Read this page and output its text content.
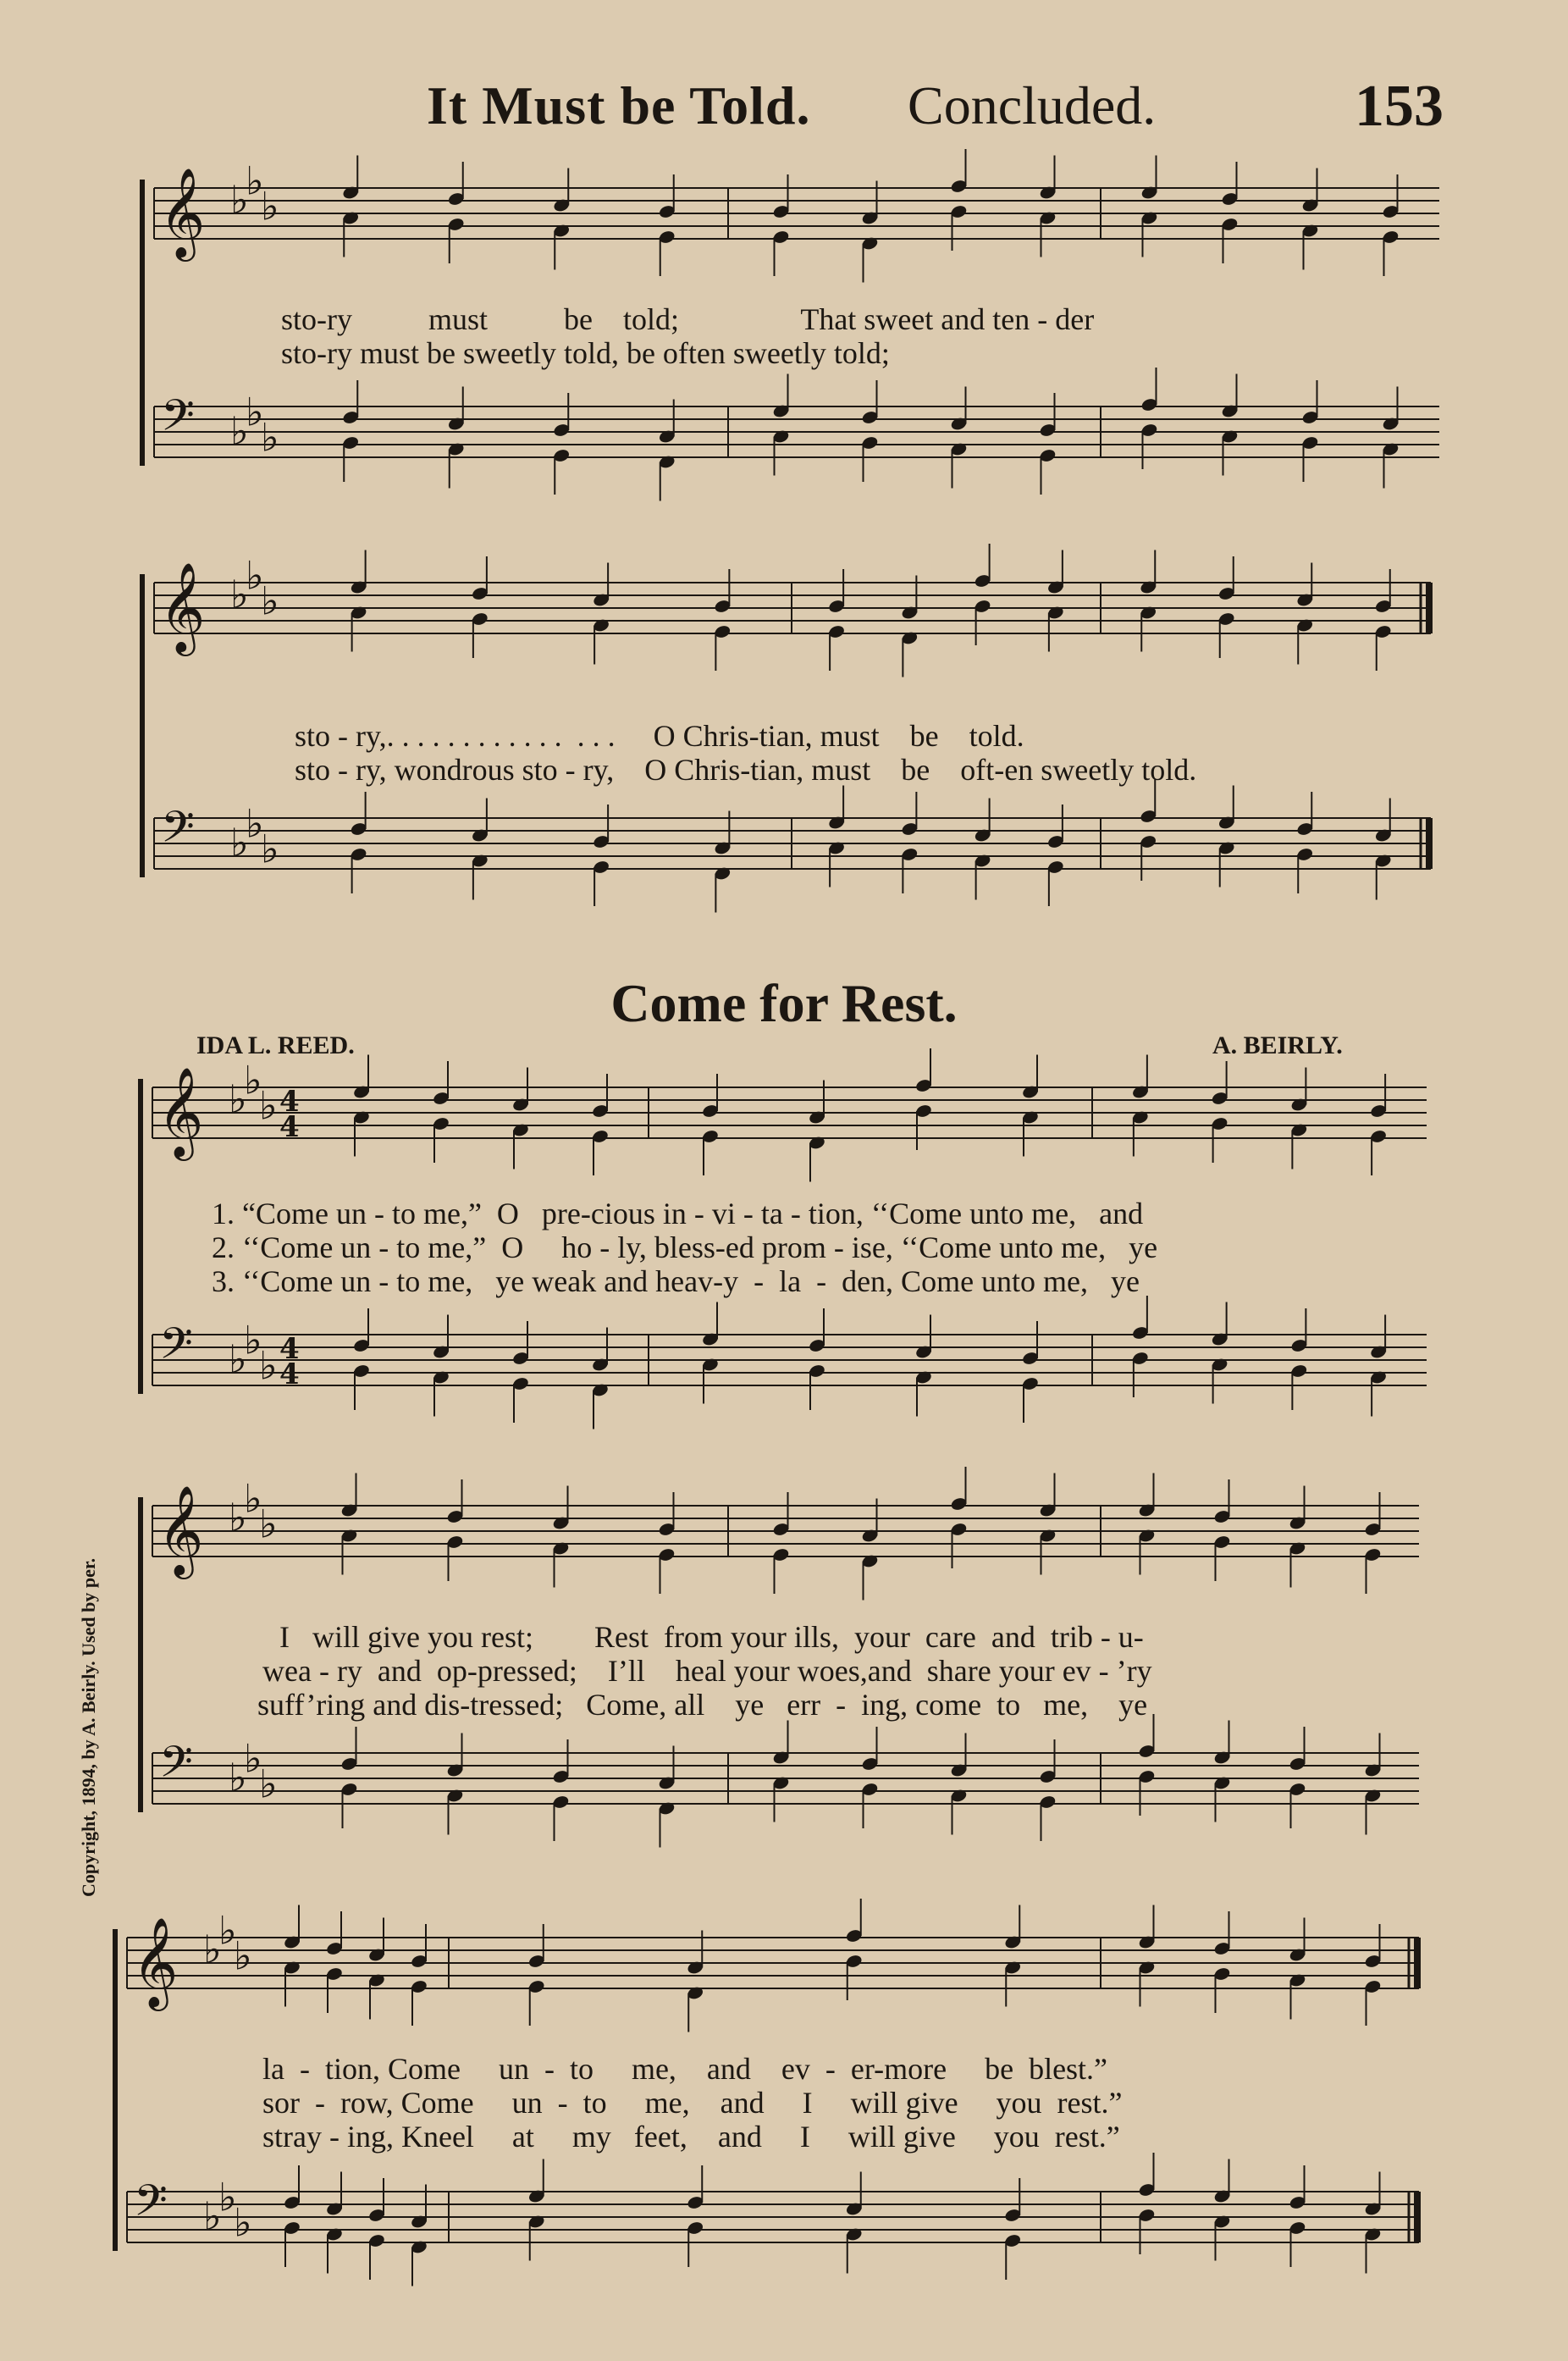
It Must be Told. Concluded.	153
𝄞
𝄢
♭
♭
♭
♭
♭
♭
𝄞
𝄢
♭
♭
♭
♭
♭
♭
𝄞
𝄢
♭
♭
♭
♭
♭
♭
4
4
4
4
𝄞
𝄢
♭
♭
♭
♭
♭
♭
𝄞
𝄢
♭
♭
♭
♭
♭
♭
sto-ry          must          be    told;                That sweet and ten - der
sto-ry must be sweetly told, be often sweetly told;
sto - ry,. . . . . . . . . . . .  . . .     O Chris-tian, must    be    told.
sto - ry, wondrous sto - ry,    O Chris-tian, must    be    oft-en sweetly told.
Come for Rest.
IDA L. REED.	A. BEIRLY.
1. “Come un - to me,”  O   pre-cious in - vi - ta - tion, ‘‘Come unto me,   and
2. ‘‘Come un - to me,”  O     ho - ly, bless-ed prom - ise, ‘‘Come unto me,   ye
3. ‘‘Come un - to me,   ye weak and heav-y  -  la  -  den, Come unto me,   ye
I   will give you rest;        Rest  from your ills,  your  care  and  trib - u-
wea - ry  and  op-pressed;    I’ll    heal your woes,and  share your ev - ’ry
suff’ring and dis-tressed;   Come, all    ye   err  -  ing, come  to   me,    ye
la  -  tion, Come     un  -  to     me,    and    ev  -  er-more     be  blest.”
sor  -  row, Come     un  -  to     me,    and     I     will give     you  rest.”
stray - ing, Kneel     at     my   feet,    and     I     will give     you  rest.”
Copyright, 1894, by A. Beirly. Used by per.
